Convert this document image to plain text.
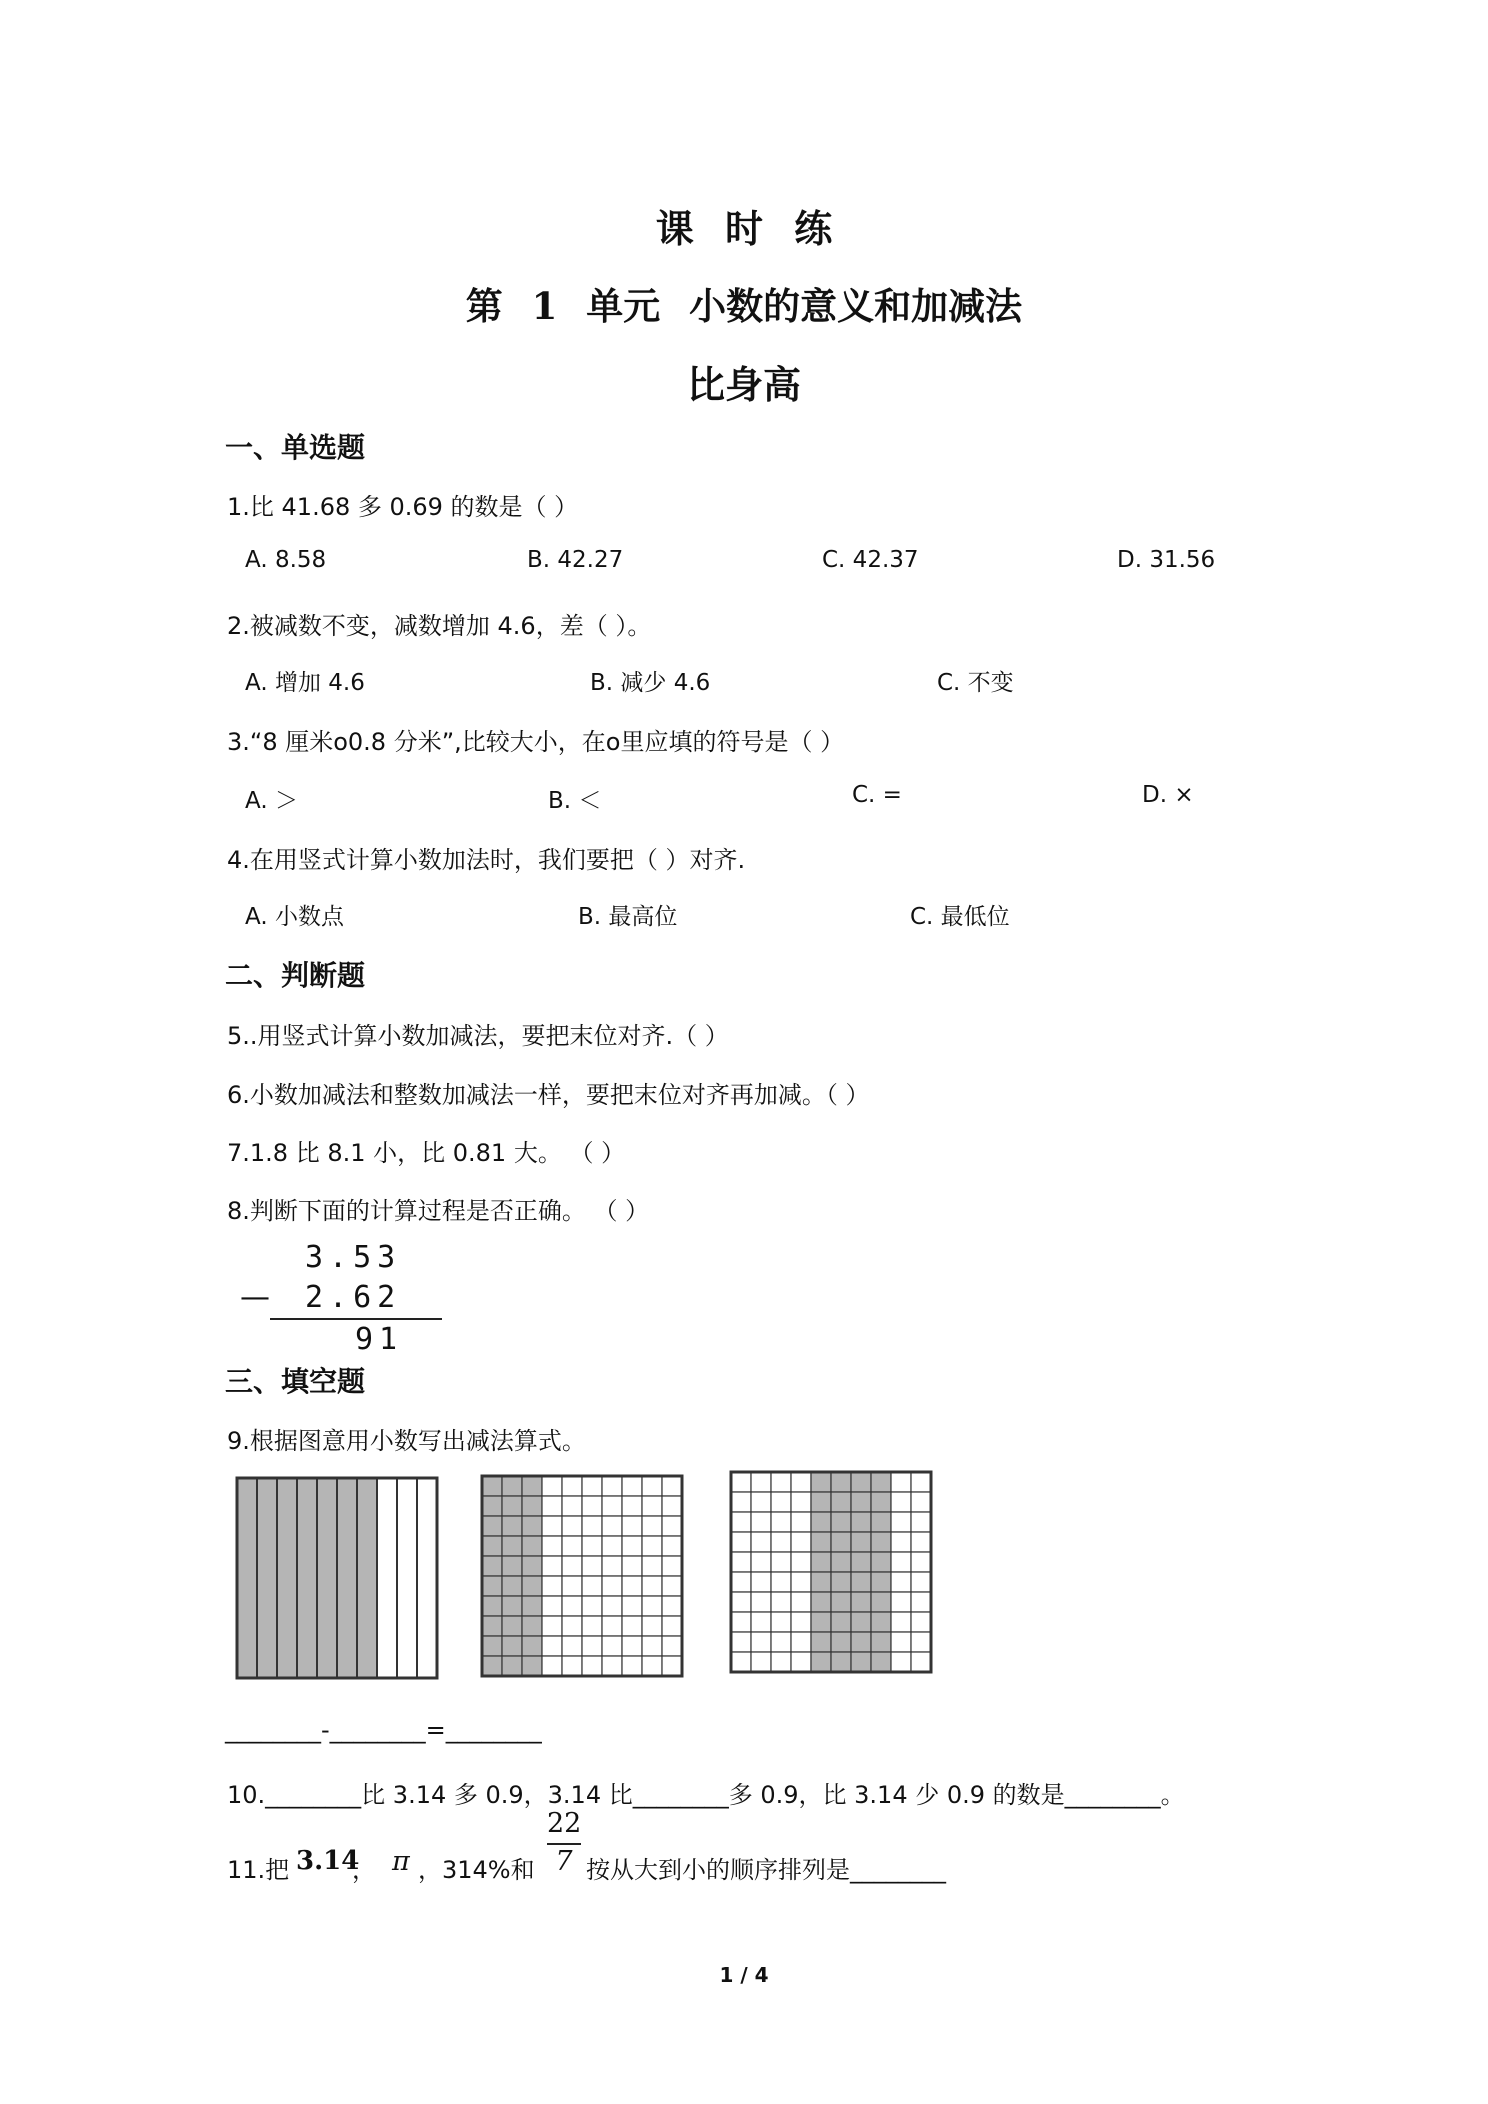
课 时 练
第 1 单元 小数的意义和加减法
比身高
一、单选题
1.比 41.68 多 0.69 的数是（ ）
A. 8.58	B. 42.27	C. 42.37	D. 31.56
2.被减数不变，减数增加 4.6，差（ ）。
A. 增加 4.6	B. 减少 4.6	C. 不变
3.“8 厘米o0.8 分米”,比较大小，在o里应填的符号是（ ）
A. ＞	B. ＜	C. =	D. ×
4.在用竖式计算小数加法时，我们要把（ ）对齐.
A. 小数点	B. 最高位	C. 最低位
二、判断题
5..用竖式计算小数加减法，要把末位对齐.（ ）
6.小数加减法和整数加减法一样，要把末位对齐再加减。（ ）
7.1.8 比 8.1 小，比 0.81 大。 （ ）
8.判断下面的计算过程是否正确。 （ ）
3.53
— 2.62
91
三、填空题
9.根据图意用小数写出减法算式。
________-________=________
10.________比 3.14 多 0.9，3.14 比________多 0.9，比 3.14 少 0.9 的数是________。
11.把 3.14
， π ，314%和
22
7 按从大到小的顺序排列是________
1 / 4
